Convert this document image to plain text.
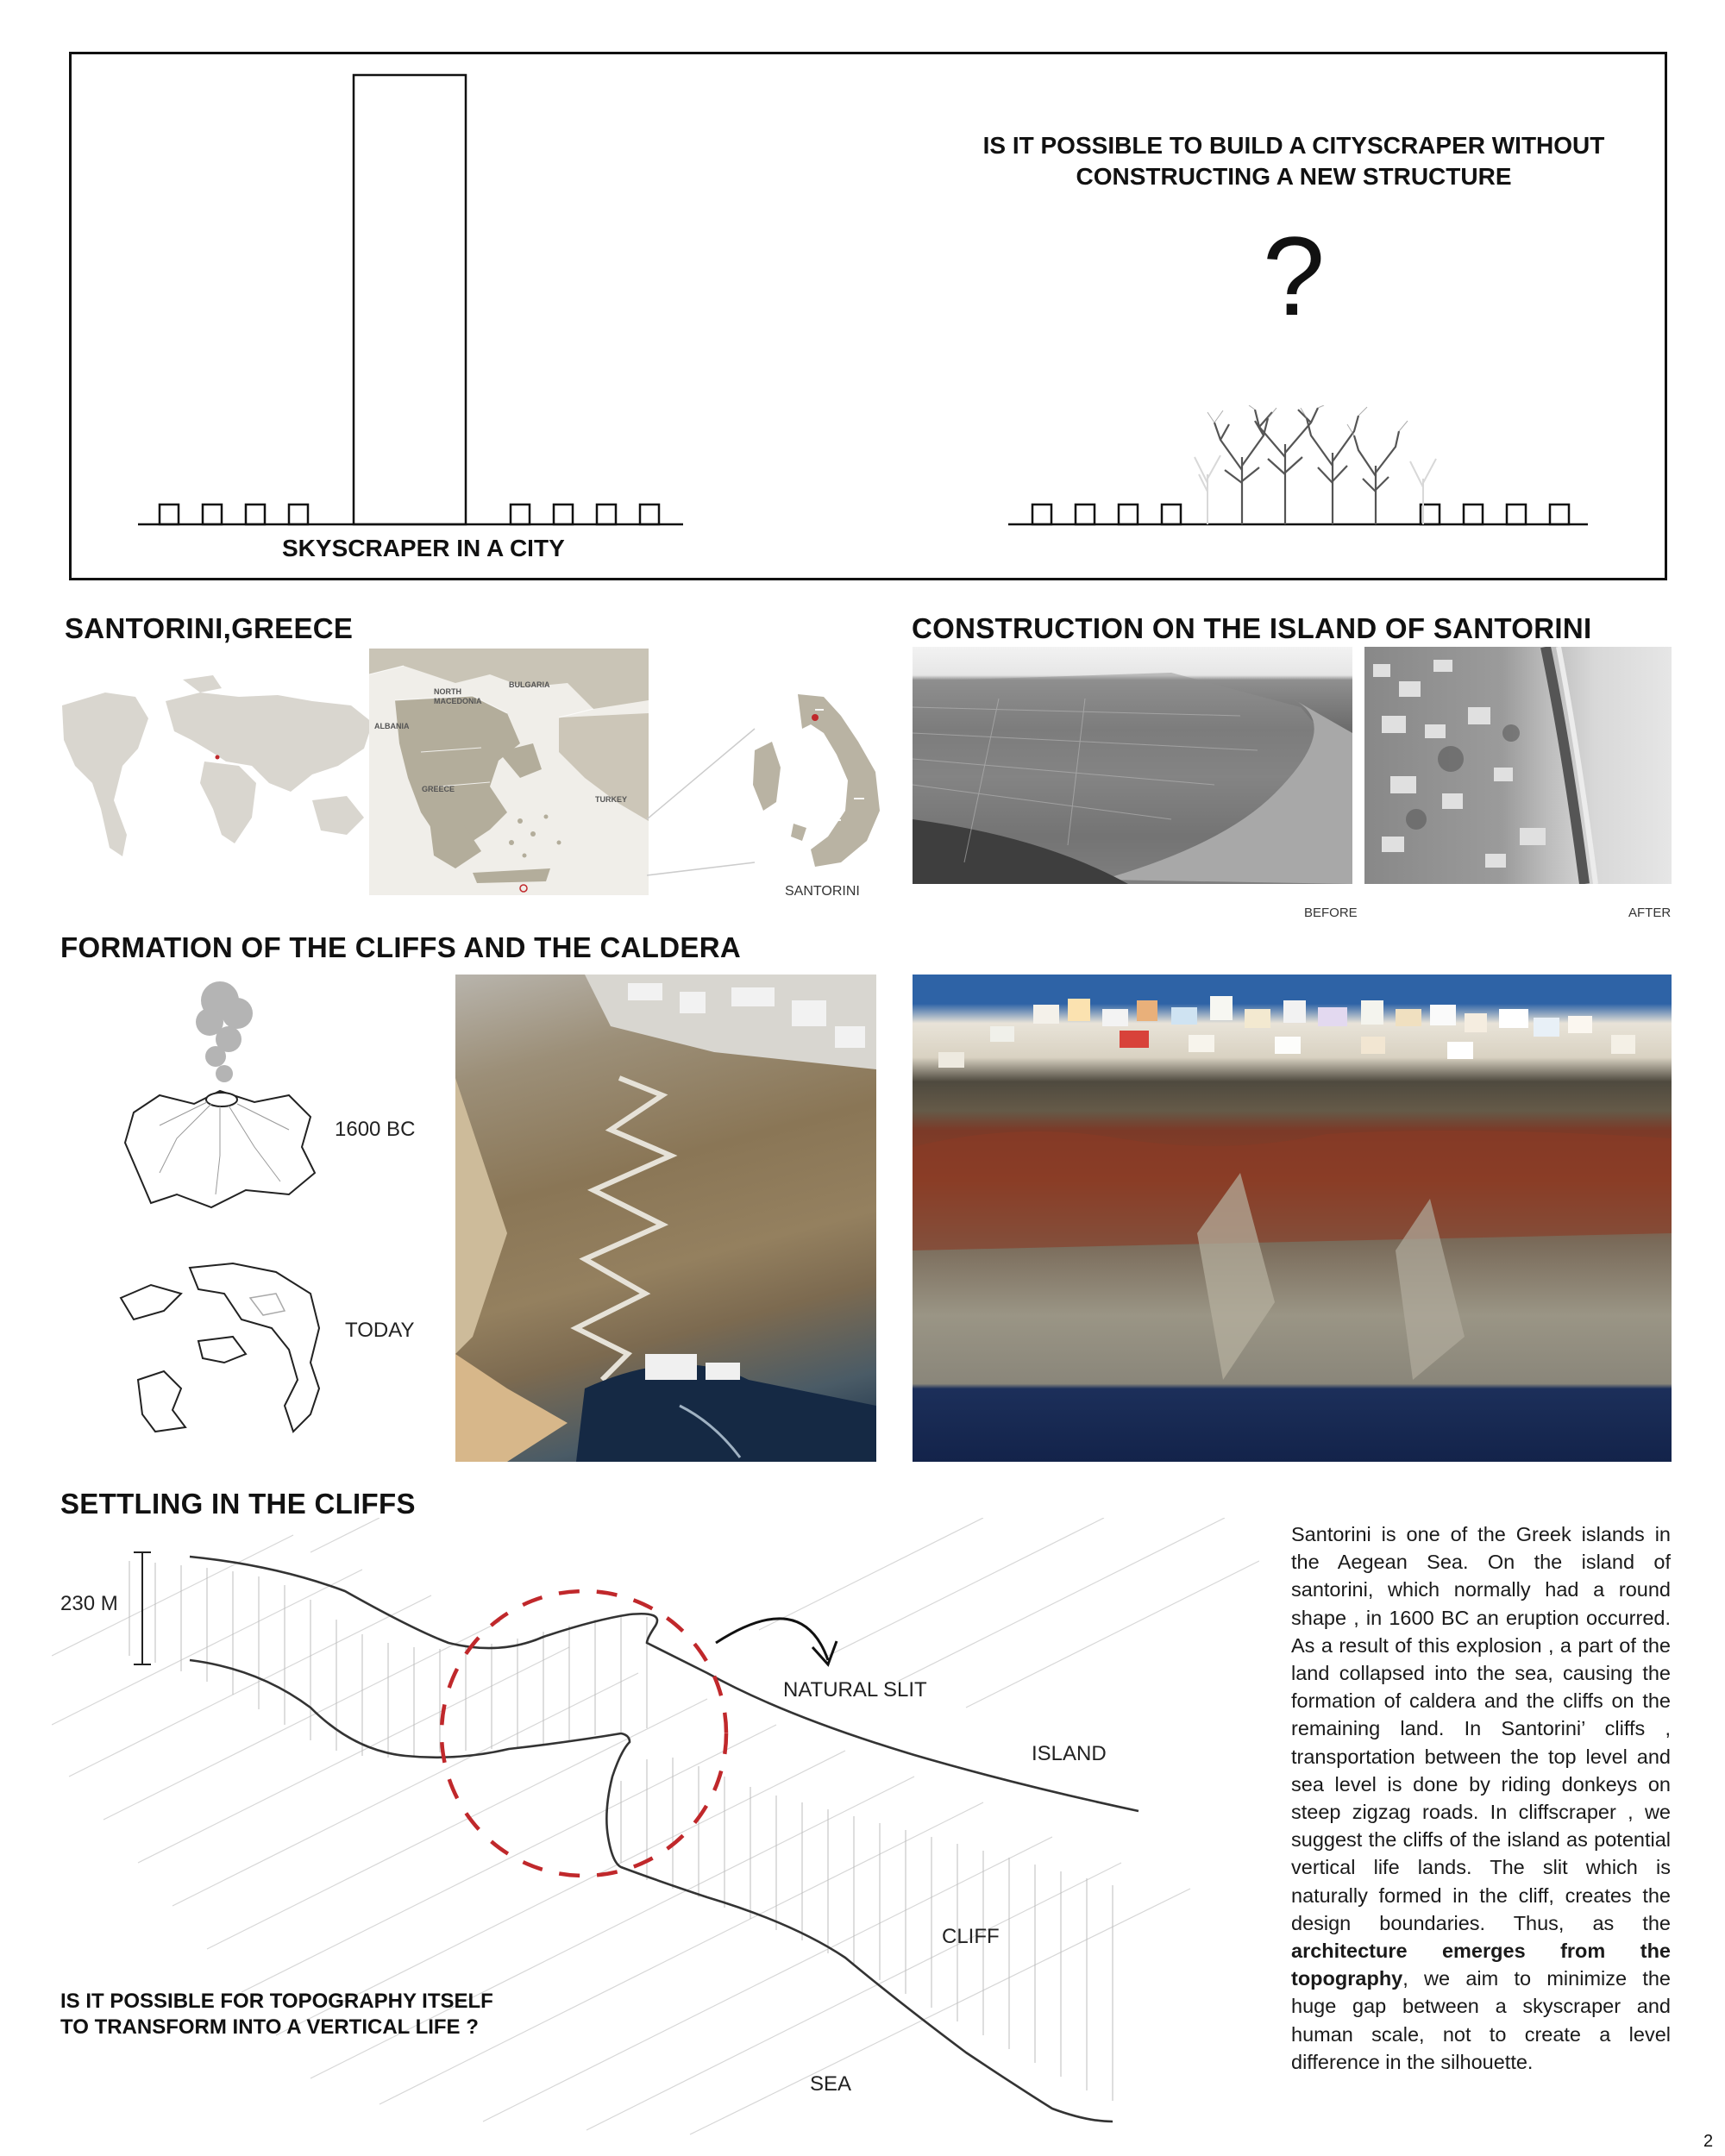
SKYSCRAPER IN A CITY
IS IT POSSIBLE TO BUILD A CITYSCRAPER WITHOUT
CONSTRUCTING A NEW STRUCTURE
?
SANTORINI,GREECE
NORTH MACEDONIA
BULGARIA
ALBANIA
GREECE
TURKEY
SANTORINI
CONSTRUCTION ON THE ISLAND OF SANTORINI
BEFORE	AFTER
FORMATION OF THE CLIFFS AND THE CALDERA
1600 BC
TODAY
SETTLING IN THE CLIFFS
230 M
NATURAL SLIT
ISLAND
CLIFF
SEA
IS IT POSSIBLE FOR TOPOGRAPHY ITSELF
TO TRANSFORM INTO A VERTICAL LIFE ?
Santorini is one of the Greek islands in the Aegean Sea. On the island of santorini, which normally had a round shape , in 1600 BC an eruption occurred. As a result of this explosion , a part of the land collapsed into the sea, causing the formation of caldera and the cliffs on the remaining land. In Santorini’ cliffs , transportation between the top level and sea level is done by riding donkeys on steep zigzag roads. In cliffscraper , we suggest the cliffs of the island as potential vertical life lands. The slit which is naturally formed in the cliff, creates the design boundaries. Thus, as the architecture emerges from the topography, we aim to minimize the huge gap between a skyscraper and human scale, not to create a level difference in the silhouette.
2
